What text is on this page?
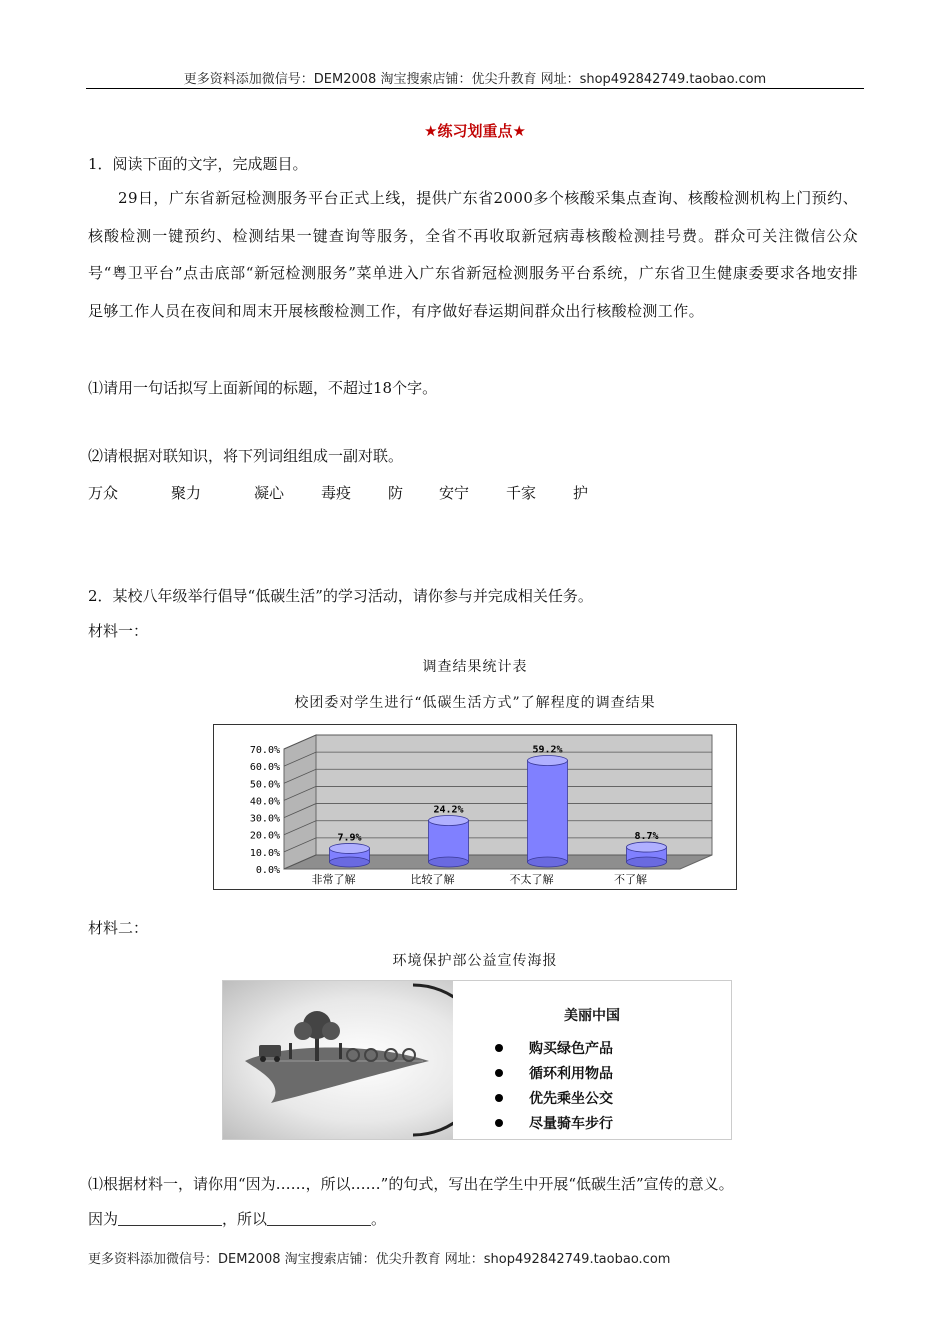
更多资料添加微信号：DEM2008 淘宝搜索店铺：优尖升教育 网址：shop492842749.taobao.com
★练习划重点★
1．阅读下面的文字，完成题目。
29日，广东省新冠检测服务平台正式上线，提供广东省2000多个核酸采集点查询、核酸检测机构上门预约、核酸检测一键预约、检测结果一键查询等服务，全省不再收取新冠病毒核酸检测挂号费。群众可关注微信公众号“粤卫平台”点击底部“新冠检测服务”菜单进入广东省新冠检测服务平台系统，广东省卫生健康委要求各地安排足够工作人员在夜间和周末开展核酸检测工作，有序做好春运期间群众出行核酸检测工作。
⑴请用一句话拟写上面新闻的标题，不超过18个字。
⑵请根据对联知识，将下列词组组成一副对联。
万众	聚力	凝心 毒疫 防 安宁 千家 护
2．某校八年级举行倡导“低碳生活”的学习活动，请你参与并完成相关任务。
材料一：
调查结果统计表
校团委对学生进行“低碳生活方式”了解程度的调查结果
0.0%
10.0%
20.0%
30.0%
40.0%
50.0%
60.0%
70.0%
7.9%
非常了解
24.2%
比较了解
59.2%
不太了解
8.7%
不了解
材料二：
环境保护部公益宣传海报
美丽中国
购买绿色产品
循环利用物品
优先乘坐公交
尽量骑车步行
⑴根据材料一，请你用“因为……，所以……”的句式，写出在学生中开展“低碳生活”宣传的意义。
因为	，所以	。
更多资料添加微信号：DEM2008 淘宝搜索店铺：优尖升教育 网址：shop492842749.taobao.com
